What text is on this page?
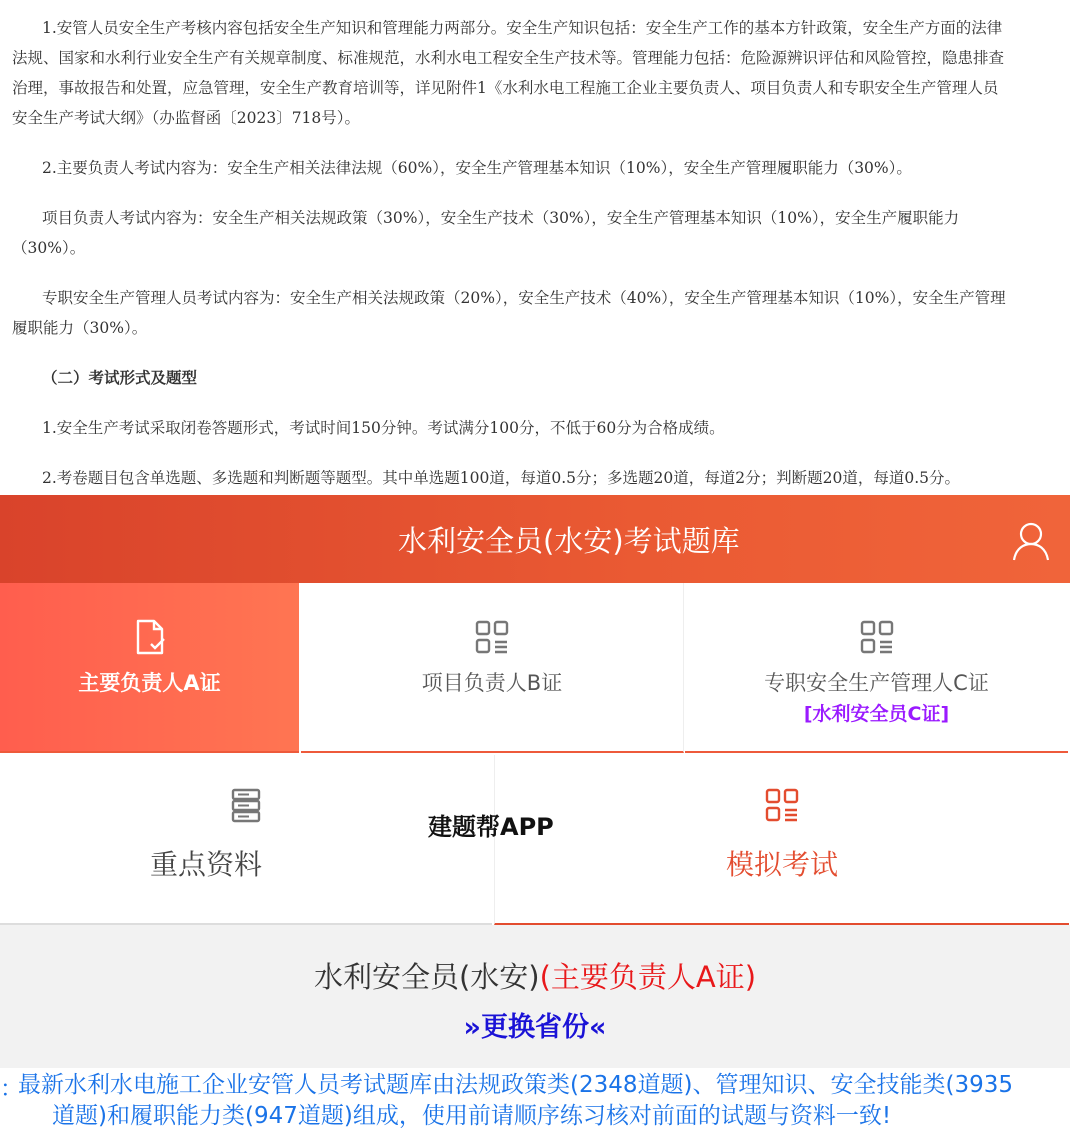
1.安管人员安全生产考核内容包括安全生产知识和管理能力两部分。安全生产知识包括：安全生产工作的基本方针政策，安全生产方面的法律

法规、国家和水利行业安全生产有关规章制度、标准规范，水利水电工程安全生产技术等。管理能力包括：危险源辨识评估和风险管控，隐患排查

治理，事故报告和处置，应急管理，安全生产教育培训等，详见附件1《水利水电工程施工企业主要负责人、项目负责人和专职安全生产管理人员

安全生产考试大纲》（办监督函〔2023〕718号）。

2.主要负责人考试内容为：安全生产相关法律法规（60%），安全生产管理基本知识（10%），安全生产管理履职能力（30%）。

项目负责人考试内容为：安全生产相关法规政策（30%），安全生产技术（30%），安全生产管理基本知识（10%），安全生产履职能力

（30%）。

专职安全生产管理人员考试内容为：安全生产相关法规政策（20%），安全生产技术（40%），安全生产管理基本知识（10%），安全生产管理

履职能力（30%）。

（二）考试形式及题型

1.安全生产考试采取闭卷答题形式，考试时间150分钟。考试满分100分，不低于60分为合格成绩。

2.考卷题目包含单选题、多选题和判断题等题型。其中单选题100道，每道0.5分；多选题20道，每道2分；判断题20道，每道0.5分。

水利安全员(水安)考试题库
主要负责人A证	项目负责人B证	专职安全生产管理人C证
[水利安全员C证]
重点资料	模拟考试
建题帮APP
水利安全员(水安)(主要负责人A证)
»更换省份«
：
最新水利水电施工企业安管人员考试题库由法规政策类(2348道题)、管理知识、安全技能类(3935
道题)和履职能力类(947道题)组成，使用前请顺序练习核对前面的试题与资料一致!
